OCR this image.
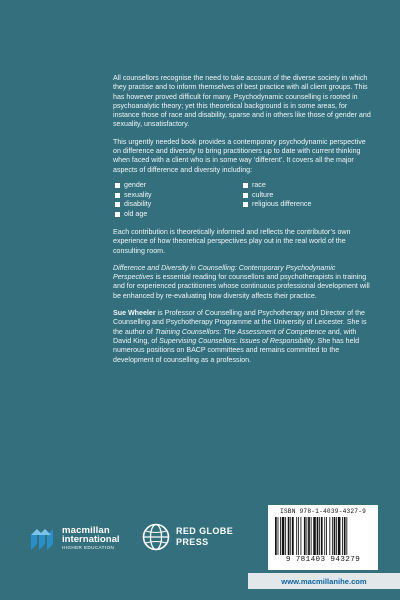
All counsellors recognise the need to take account of the diverse society in which they practise and to inform themselves of best practice with all client groups. This has however proved difficult for many. Psychodynamic counselling is rooted in psychoanalytic theory; yet this theoretical background is in some areas, for instance those of race and disability, sparse and in others like those of gender and sexuality, unsatisfactory.

This urgently needed book provides a contemporary psychodynamic perspective on difference and diversity to bring practitioners up to date with current thinking when faced with a client who is in some way ‘different’. It covers all the major aspects of difference and diversity including:

gender	race
sexuality	culture
disability	religious difference
old age

Each contribution is theoretically informed and reflects the contributor’s own experience of how theoretical perspectives play out in the real world of the consulting room.

Difference and Diversity in Counselling: Contemporary Psychodynamic Perspectives is essential reading for counsellors and psychotherapists in training and for experienced practitioners whose continuous professional development will be enhanced by re-evaluating how diversity affects their practice.

Sue Wheeler is Professor of Counselling and Psychotherapy and Director of the Counselling and Psychotherapy Programme at the University of Leicester. She is the author of Training Counsellors: The Assessment of Competence and, with David King, of Supervising Counsellors: Issues of Responsibility. She has held numerous positions on BACP committees and remains committed to the development of counselling as a profession.

macmillan
international
HIGHER EDUCATION
RED GLOBE
PRESS
ISBN 978-1-4039-4327-9
9 781403 943279
www.macmillanihe.com
